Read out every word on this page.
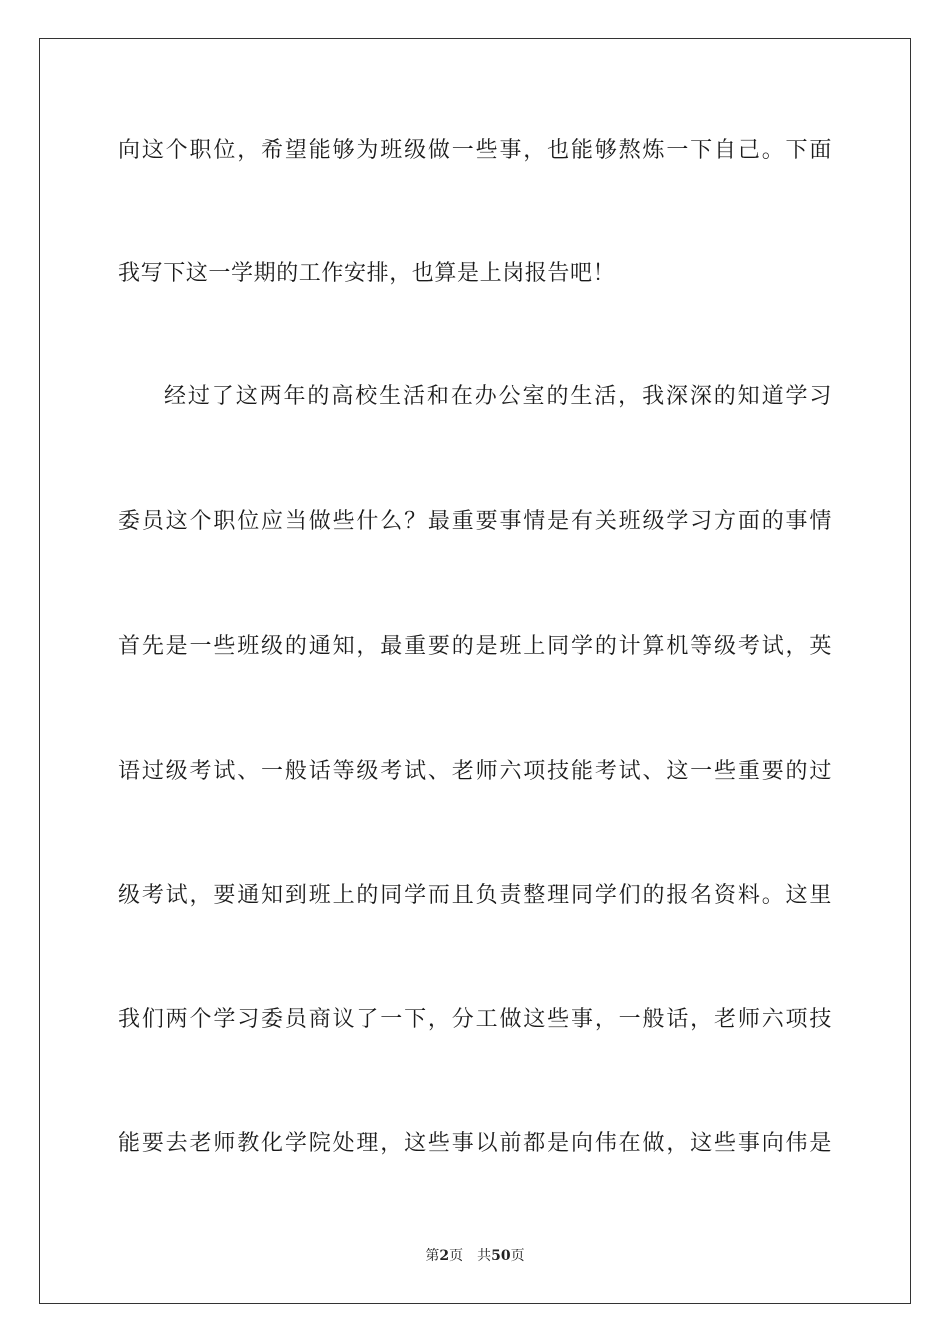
向这个职位，希望能够为班级做一些事，也能够熬炼一下自己。下面
我写下这一学期的工作安排，也算是上岗报告吧！
经过了这两年的高校生活和在办公室的生活，我深深的知道学习
委员这个职位应当做些什么？最重要事情是有关班级学习方面的事情
首先是一些班级的通知，最重要的是班上同学的计算机等级考试，英
语过级考试、一般话等级考试、老师六项技能考试、这一些重要的过
级考试，要通知到班上的同学而且负责整理同学们的报名资料。这里
我们两个学习委员商议了一下，分工做这些事，一般话，老师六项技
能要去老师教化学院处理，这些事以前都是向伟在做，这些事向伟是
第2页 共50页
